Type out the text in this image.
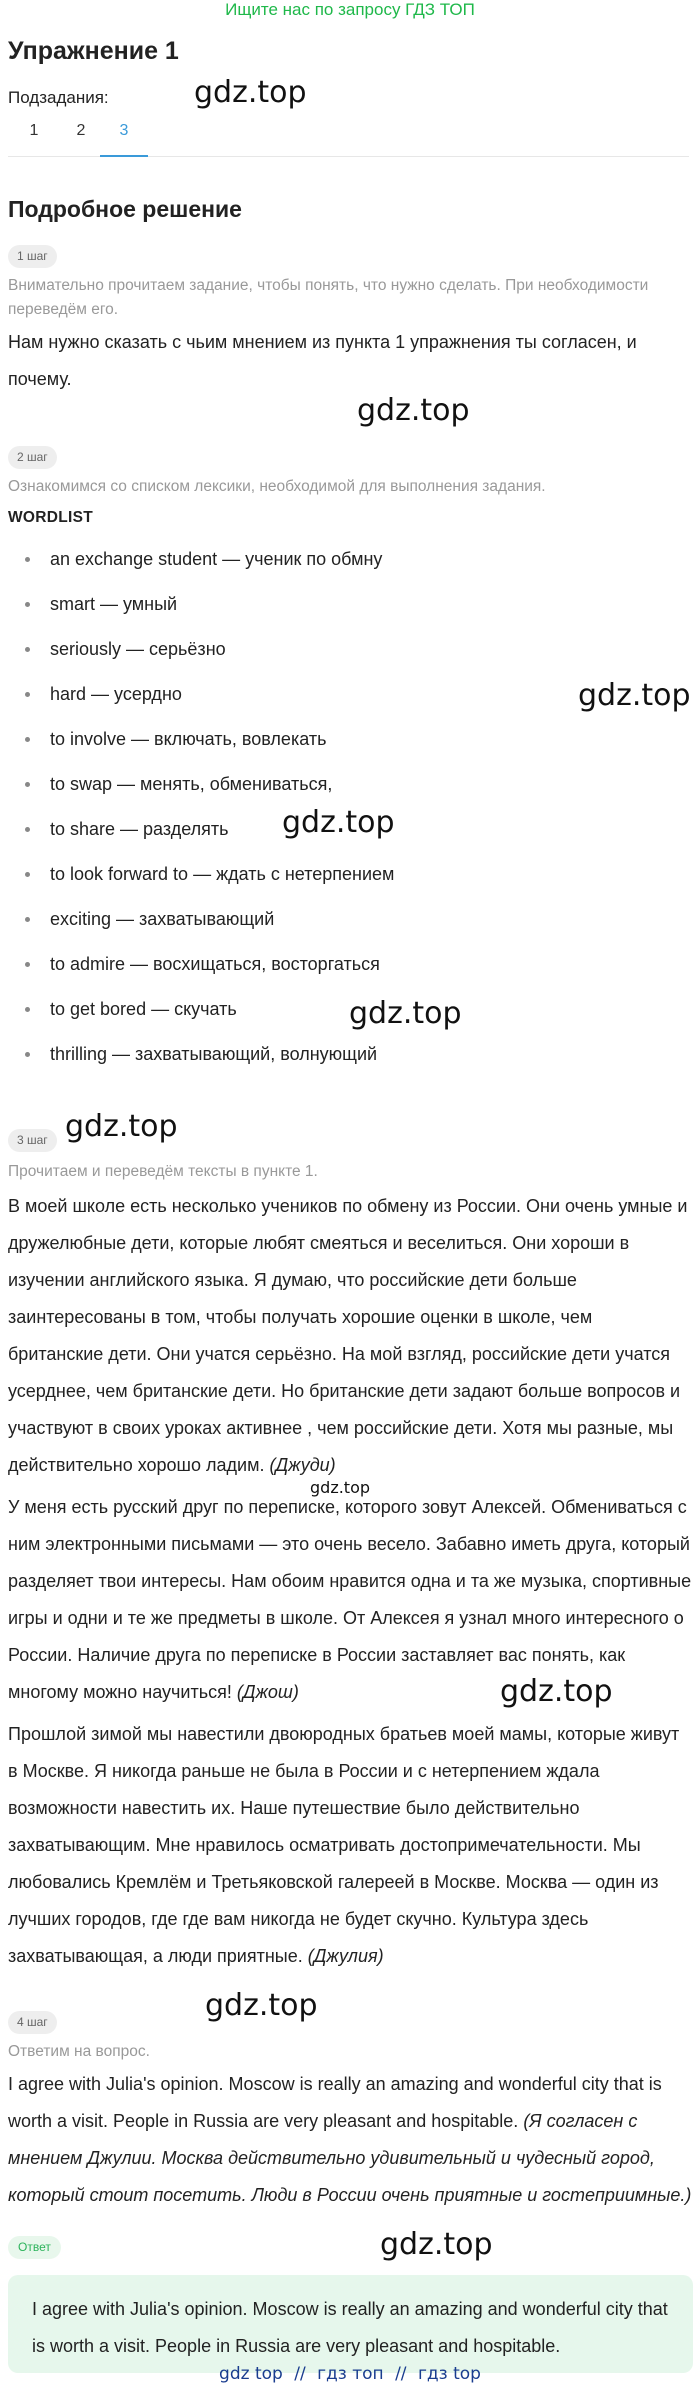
Ищите нас по запросу ГДЗ ТОП
Упражнение 1
Подзадания:
1	2	3
Подробное решение
1 шаг
Внимательно прочитаем задание, чтобы понять, что нужно сделать. При необходимости переведём его.

Нам нужно сказать с чьим мнением из пункта 1 упражнения ты согласен, и почему.

2 шаг
Ознакомимся со списком лексики, необходимой для выполнения задания.
WORDLIST
an exchange student — ученик по обмну
smart — умный
seriously — серьёзно
hard — усердно
to involve — включать, вовлекать
to swap — менять, обмениваться,
to share — разделять
to look forward to — ждать с нетерпением
exciting — захватывающий
to admire — восхищаться, восторгаться
to get bored — скучать
thrilling — захватывающий, волнующий
3 шаг
Прочитаем и переведём тексты в пункте 1.

В моей школе есть несколько учеников по обмену из России. Они очень умные и дружелюбные дети, которые любят смеяться и веселиться. Они хороши в изучении английского языка. Я думаю, что российские дети больше заинтересованы в том, чтобы получать хорошие оценки в школе, чем британские дети. Они учатся серьёзно. На мой взгляд, российские дети учатся усерднее, чем британские дети. Но британские дети задают больше вопросов и участвуют в своих уроках активнее , чем российские дети. Хотя мы разные, мы действительно хорошо ладим. (Джуди)

У меня есть русский друг по переписке, которого зовут Алексей. Обмениваться с ним электронными письмами — это очень весело. Забавно иметь друга, который разделяет твои интересы. Нам обоим нравится одна и та же музыка, спортивные игры и одни и те же предметы в школе. От Алексея я узнал много интересного о России. Наличие друга по переписке в России заставляет вас понять, как многому можно научиться! (Джош)

Прошлой зимой мы навестили двоюродных братьев моей мамы, которые живут в Москве. Я никогда раньше не была в России и с нетерпением ждала возможности навестить их. Наше путешествие было действительно захватывающим. Мне нравилось осматривать достопримечательности. Мы любовались Кремлём и Третьяковской галереей в Москве. Москва — один из лучших городов, где где вам никогда не будет скучно. Культура здесь захватывающая, а люди приятные. (Джулия)

4 шаг
Ответим на вопрос.

I agree with Julia's opinion. Moscow is really an amazing and wonderful city that is worth a visit. People in Russia are very pleasant and hospitable. (Я согласен с мнением Джулии. Москва действительно удивительный и чудесный город, который стоит посетить. Люди в России очень приятные и гостеприимные.)

Ответ

I agree with Julia's opinion. Moscow is really an amazing and wonderful city that is worth a visit. People in Russia are very pleasant and hospitable.

gdz.top
gdz.top
gdz.top
gdz.top
gdz.top
gdz.top
gdz.top
gdz.top
gdz.top
gdz.top
gdz top // гдз топ // гдз top
